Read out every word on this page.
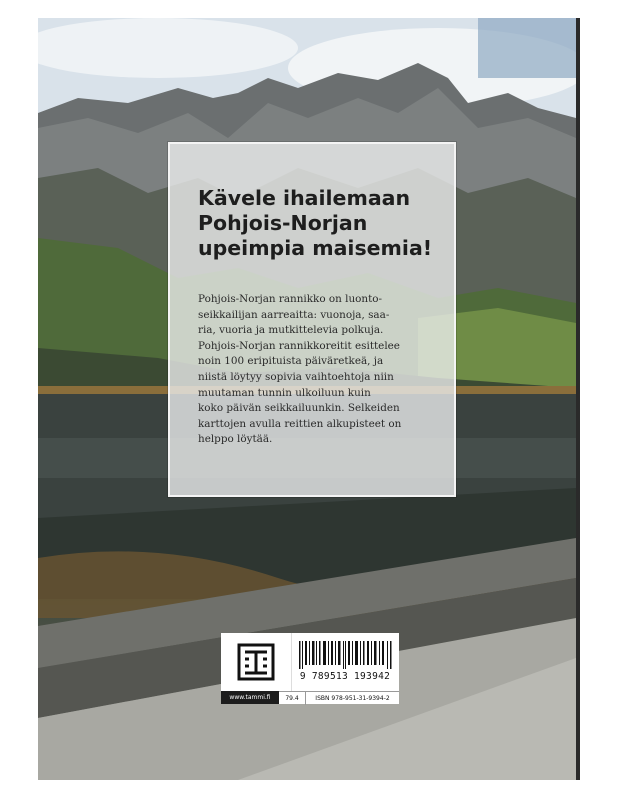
Kävele ihailemaan
Pohjois-Norjan
upeimpia maisemia!

Pohjois-Norjan rannikko on luonto-
seikkailijan aarreaitta: vuonoja, saa-
ria, vuoria ja mutkittelevia polkuja.
Pohjois-Norjan rannikkoreitit esittelee
noin 100 eripituista päiväretkeä, ja
niistä löytyy sopivia vaihtoehtoja niin
muutaman tunnin ulkoiluun kuin
koko päivän seikkailuunkin. Selkeiden
karttojen avulla reittien alkupisteet on
helppo löytää.

www.tammi.fi
9 789513 193942
79.4	ISBN 978-951-31-9394-2
